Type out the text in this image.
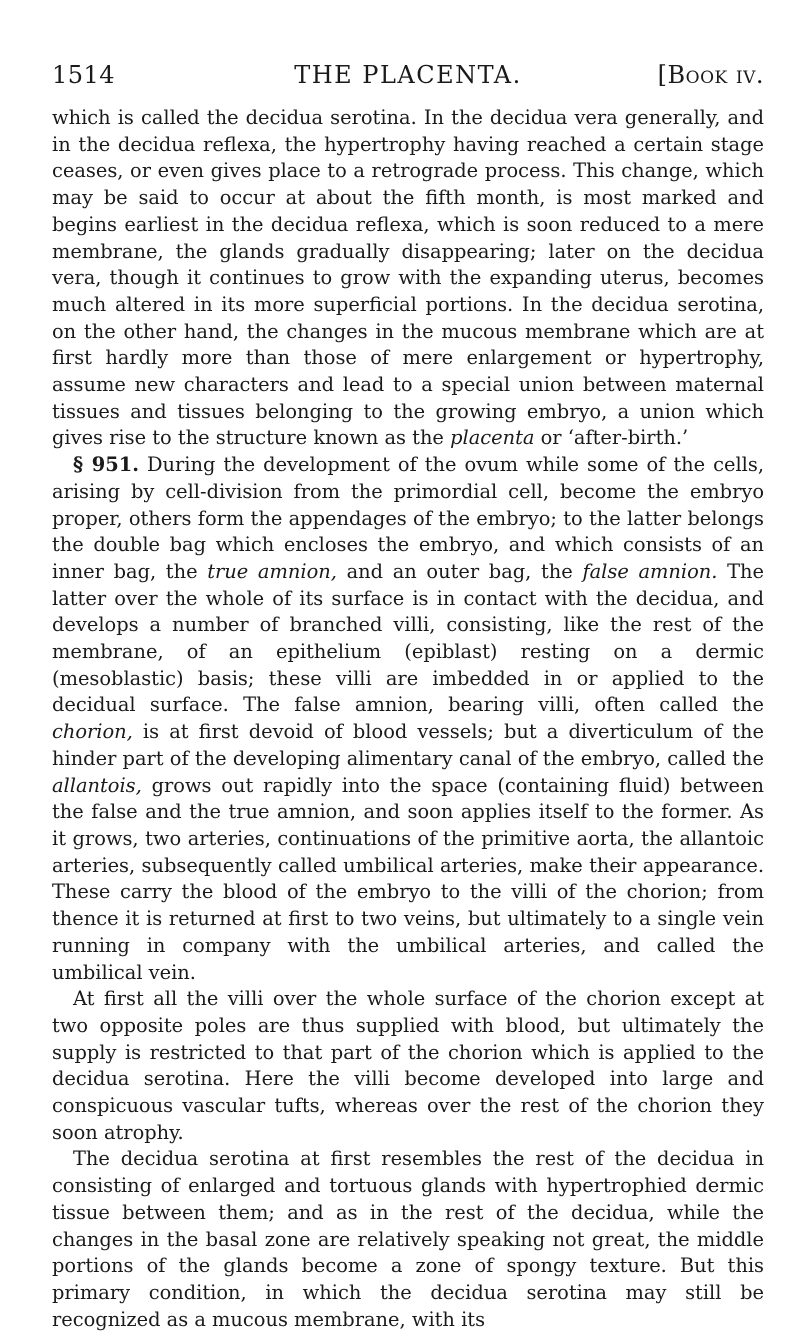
1514	THE PLACENTA.	[Book iv.

which is called the decidua serotina. In the decidua vera generally, and in the decidua reflexa, the hypertrophy having reached a certain stage ceases, or even gives place to a retrograde process. This change, which may be said to occur at about the fifth month, is most marked and begins earliest in the decidua reflexa, which is soon reduced to a mere membrane, the glands gradually disappearing; later on the decidua vera, though it continues to grow with the expanding uterus, becomes much altered in its more superficial portions. In the decidua serotina, on the other hand, the changes in the mucous membrane which are at first hardly more than those of mere enlargement or hypertrophy, assume new characters and lead to a special union between maternal tissues and tissues belonging to the growing embryo, a union which gives rise to the structure known as the placenta or ‘after-birth.’

§ 951. During the development of the ovum while some of the cells, arising by cell-division from the primordial cell, become the embryo proper, others form the appendages of the embryo; to the latter belongs the double bag which encloses the embryo, and which consists of an inner bag, the true amnion, and an outer bag, the false amnion. The latter over the whole of its surface is in contact with the decidua, and develops a number of branched villi, consisting, like the rest of the membrane, of an epithelium (epiblast) resting on a dermic (mesoblastic) basis; these villi are imbedded in or applied to the decidual surface. The false amnion, bearing villi, often called the chorion, is at first devoid of blood vessels; but a diverticulum of the hinder part of the developing alimentary canal of the embryo, called the allantois, grows out rapidly into the space (containing fluid) between the false and the true amnion, and soon applies itself to the former. As it grows, two arteries, continuations of the primitive aorta, the allantoic arteries, subsequently called umbilical arteries, make their appearance. These carry the blood of the embryo to the villi of the chorion; from thence it is returned at first to two veins, but ultimately to a single vein running in company with the umbilical arteries, and called the umbilical vein.

At first all the villi over the whole surface of the chorion except at two opposite poles are thus supplied with blood, but ultimately the supply is restricted to that part of the chorion which is applied to the decidua serotina. Here the villi become developed into large and conspicuous vascular tufts, whereas over the rest of the chorion they soon atrophy.

The decidua serotina at first resembles the rest of the decidua in consisting of enlarged and tortuous glands with hypertrophied dermic tissue between them; and as in the rest of the decidua, while the changes in the basal zone are relatively speaking not great, the middle portions of the glands become a zone of spongy texture. But this primary condition, in which the decidua serotina may still be recognized as a mucous membrane, with its
